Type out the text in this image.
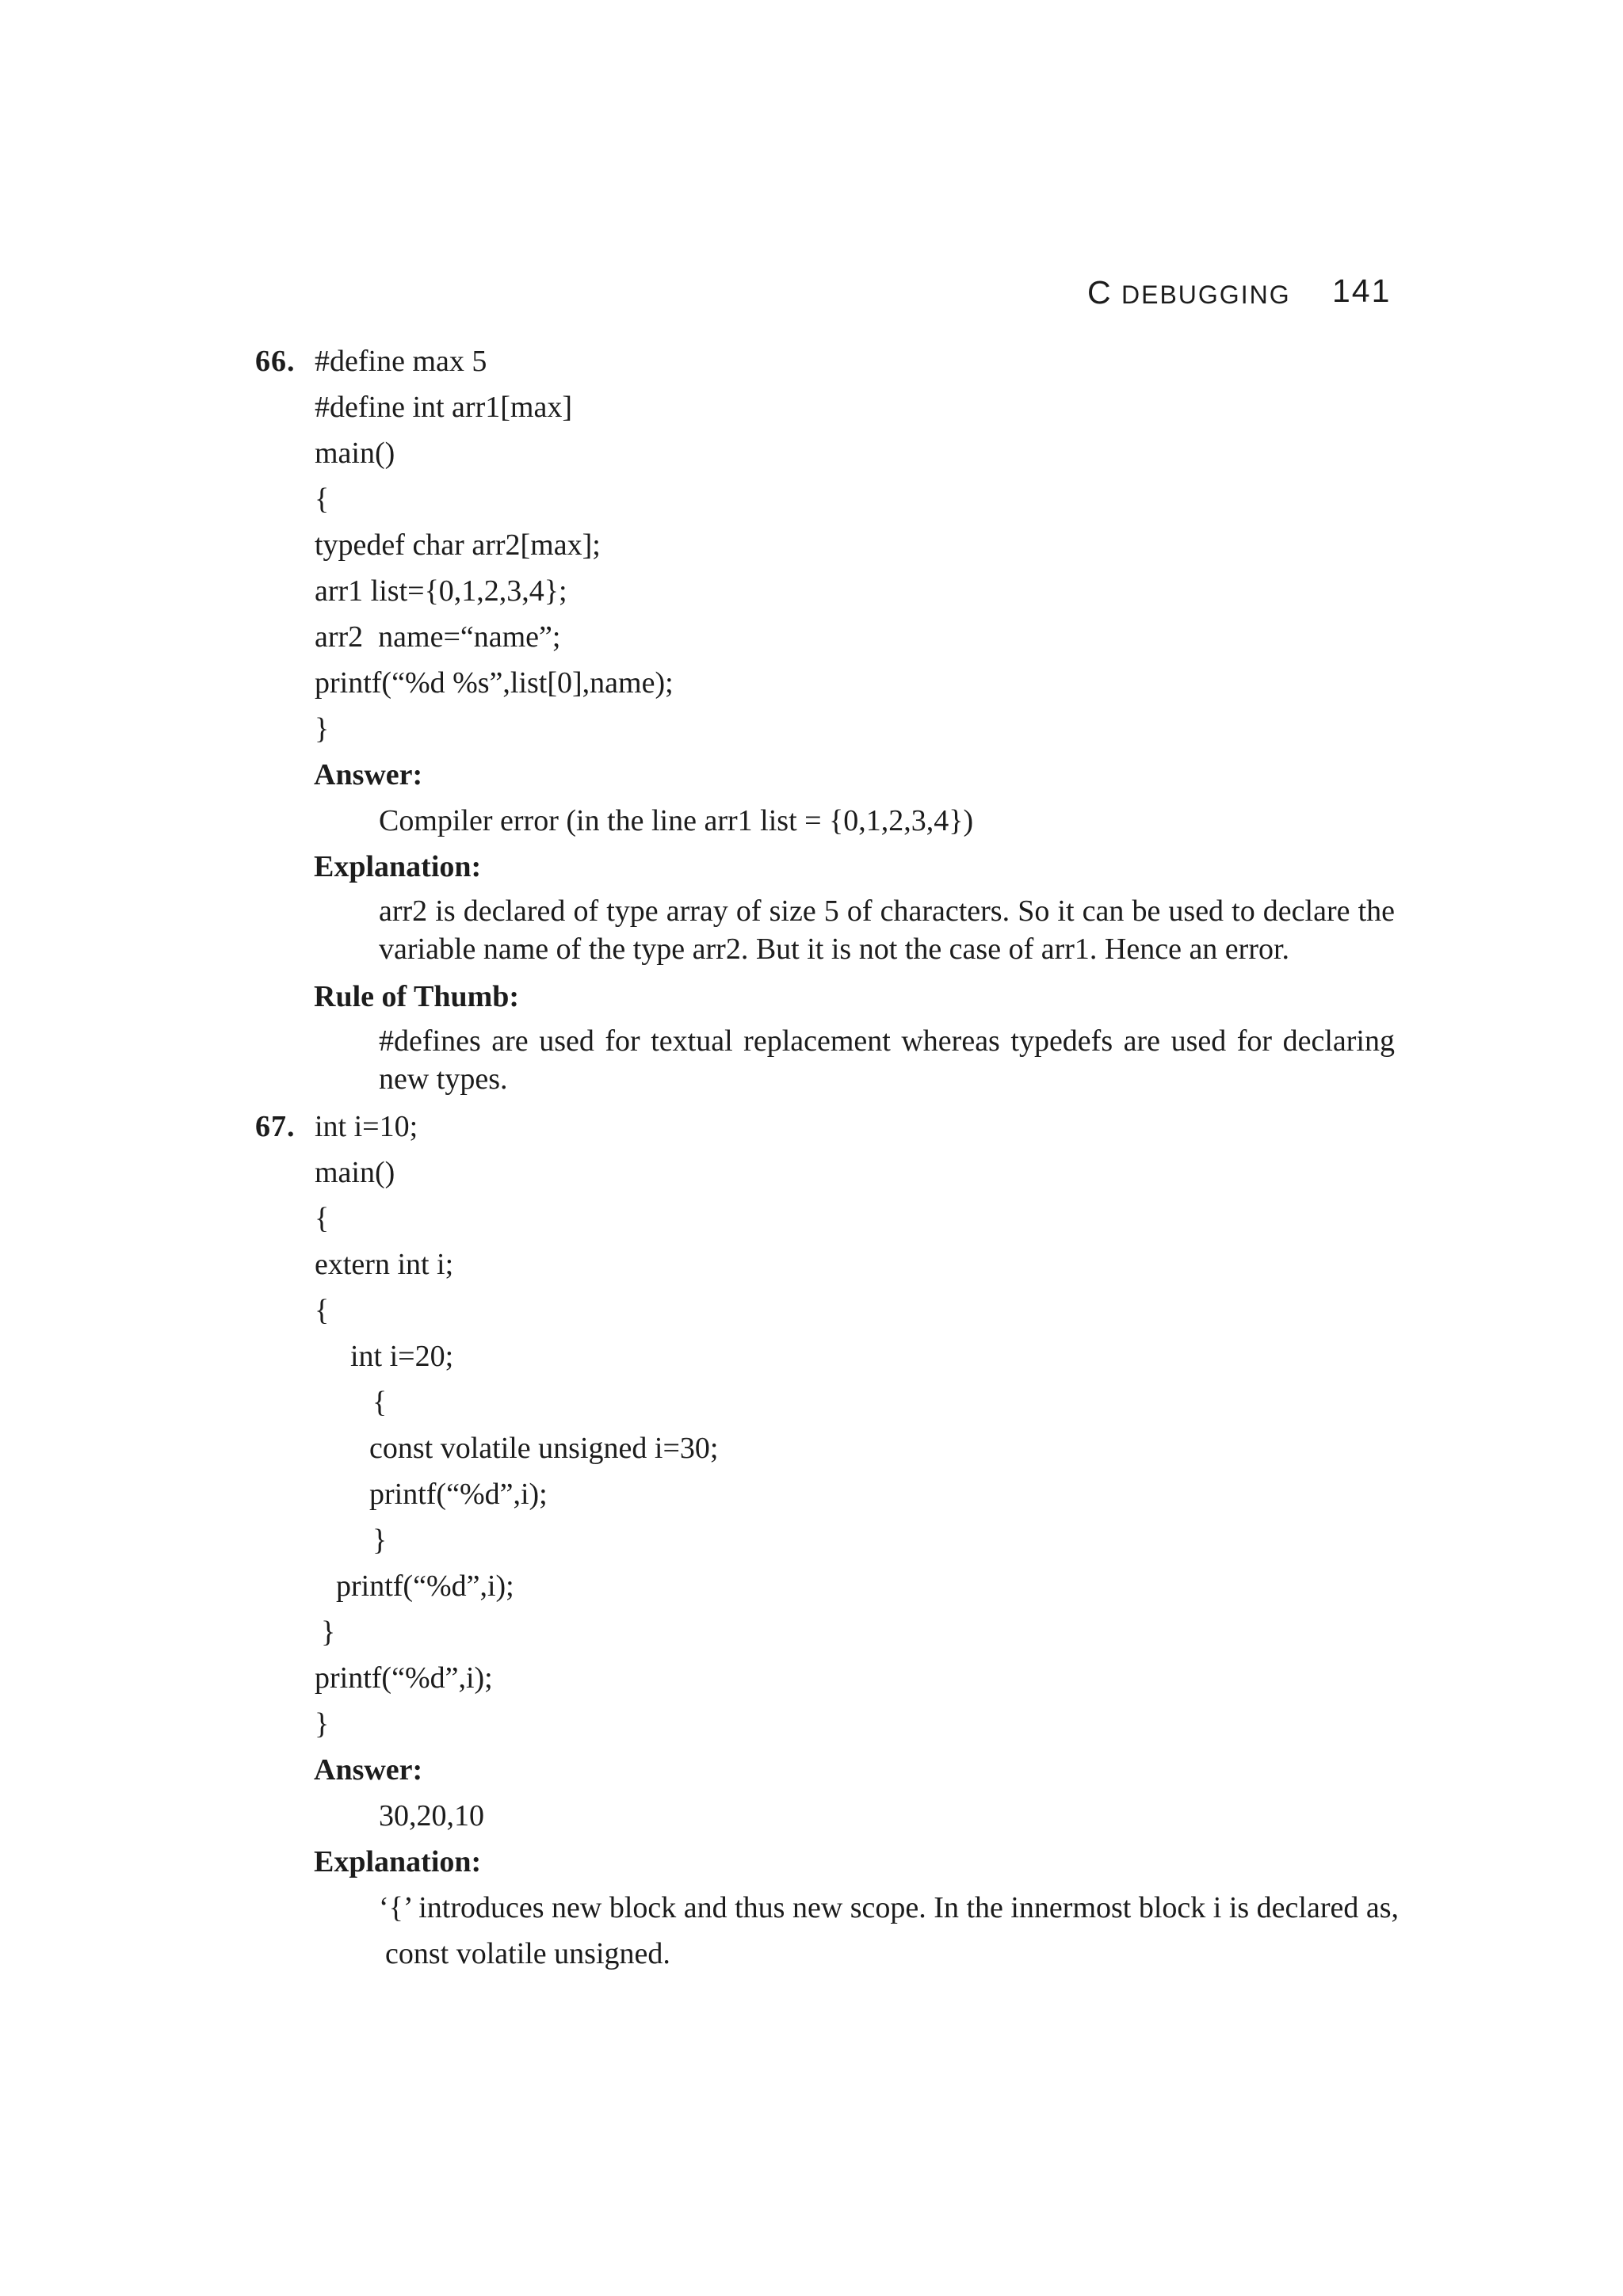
C DEBUGGING 141
66. #define max 5
#define int arr1[max]
main()
{
typedef char arr2[max];
arr1 list={0,1,2,3,4};
arr2  name=“name”;
printf(“%d %s”,list[0],name);
}
Answer:
Compiler error (in the line arr1 list = {0,1,2,3,4})
Explanation:
arr2 is declared of type array of size 5 of characters. So it can be used to declare the variable name of the type arr2. But it is not the case of arr1. Hence an error.
Rule of Thumb:
#defines are used for textual replacement whereas typedefs are used for declaring new types.
67. int i=10;
main()
{
extern int i;
{
int i=20;
{
const volatile unsigned i=30;
printf(“%d”,i);
}
printf(“%d”,i);
}
printf(“%d”,i);
}
Answer:
30,20,10
Explanation:
‘{’ introduces new block and thus new scope. In the innermost block i is declared as,
const volatile unsigned.
